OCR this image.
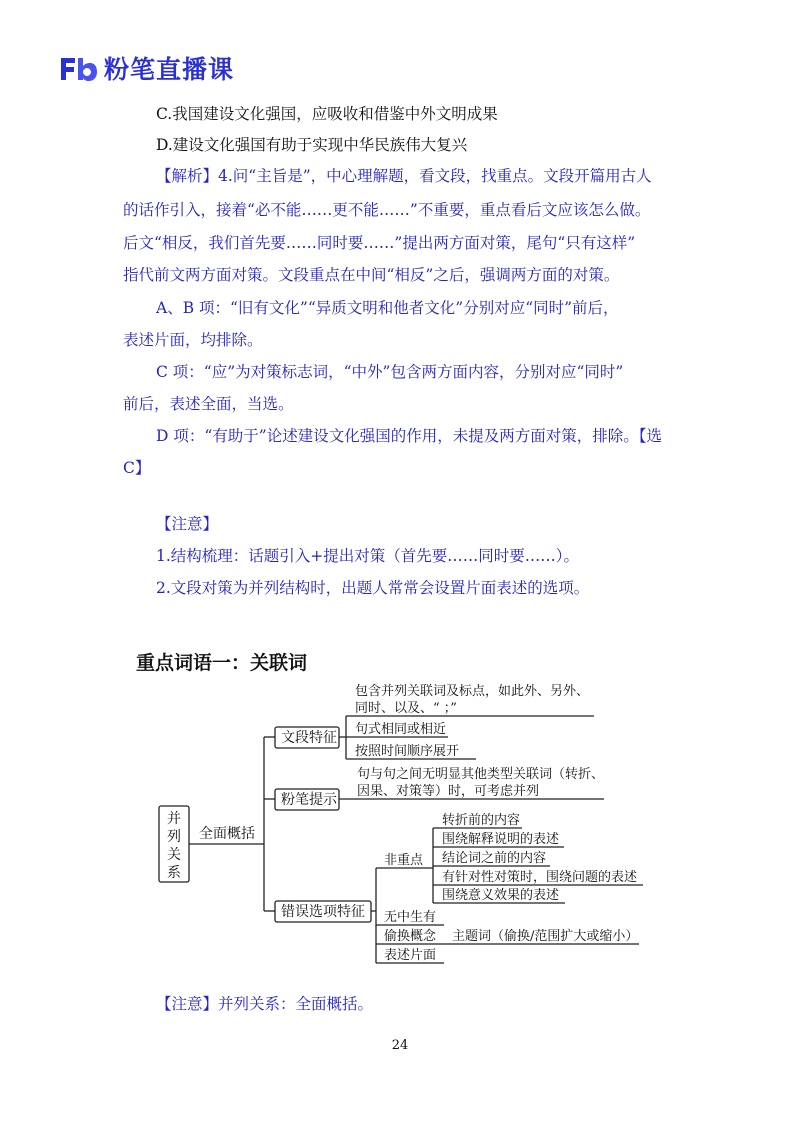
粉笔直播课
C.我国建设文化强国，应吸收和借鉴中外文明成果
D.建设文化强国有助于实现中华民族伟大复兴
【解析】4.问“主旨是”，中心理解题，看文段，找重点。文段开篇用古人
的话作引入，接着“必不能……更不能……”不重要，重点看后文应该怎么做。
后文“相反，我们首先要……同时要……”提出两方面对策，尾句“只有这样”
指代前文两方面对策。文段重点在中间“相反”之后，强调两方面的对策。
A、B 项：“旧有文化”“异质文明和他者文化”分别对应“同时”前后，
表述片面，均排除。
C 项：“应”为对策标志词，“中外”包含两方面内容，分别对应“同时”
前后，表述全面，当选。
D 项：“有助于”论述建设文化强国的作用，未提及两方面对策，排除。【选
C】
【注意】
1.结构梳理：话题引入+提出对策（首先要……同时要……）。
2.文段对策为并列结构时，出题人常常会设置片面表述的选项。
重点词语一：关联词
并
列
关
系
全面概括
文段特征
粉笔提示
错误选项特征
包含并列关联词及标点，如此外、另外、
同时、以及、“ ；”
句式相同或相近
按照时间顺序展开
句与句之间无明显其他类型关联词（转折、
因果、对策等）时，可考虑并列
非重点
转折前的内容
围绕解释说明的表述
结论词之前的内容
有针对性对策时，围绕问题的表述
围绕意义效果的表述
无中生有
偷换概念 主题词（偷换/范围扩大或缩小）
表述片面
【注意】并列关系：全面概括。
24
